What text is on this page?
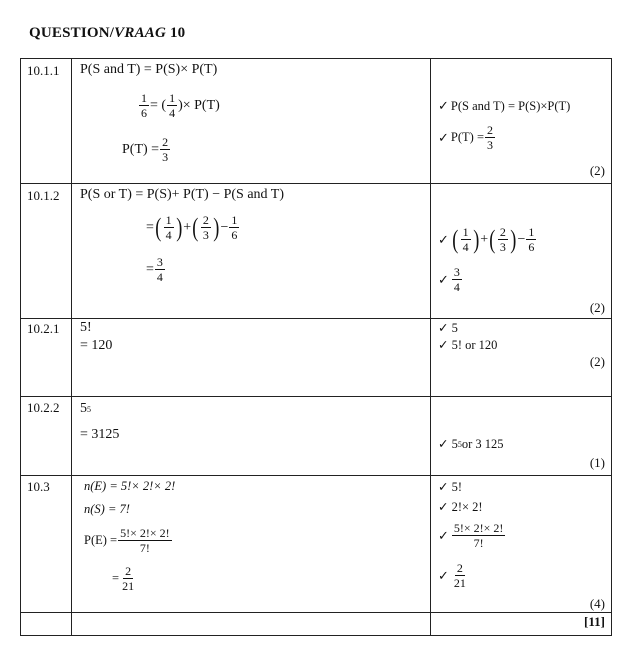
QUESTION/VRAAG 10
10.1.1 P(S and T) = P(S)× P(T)
$\frac{1}{6}$ = ( $\frac{1}{4}$ )× P(T)
$P(T) = \frac{2}{3}$
✓ P(S and T) = P(S)×P(T)
✓ $P(T) = \frac{2}{3}$
(2)
10.1.2 P(S or T) = P(S)+ P(T) − P(S and T)
= ( $\frac{1}{4}$ ) + ( $\frac{2}{3}$ ) − $\frac{1}{6}$
= $\frac{3}{4}$
✓ ( $\frac{1}{4}$ ) + ( $\frac{2}{3}$ ) − $\frac{1}{6}$
✓ $\frac{3}{4}$
(2)
10.2.1 5!
= 120
✓ 5
✓ 5! or 120
(2)
10.2.2 5 5
= 3125
✓ 5 5 or 3 125
(1)
10.3	n(E) = 5!× 2!× 2!
n(S) = 7!
$P(E) = \frac{5!\times 2!\times 2!}{7!}$
= $\frac{2}{21}$
✓ 5!
✓ 2!× 2!
✓ $\frac{5!\times 2!\times 2!}{7!}$
✓ $\frac{2}{21}$
(4)
[11]
